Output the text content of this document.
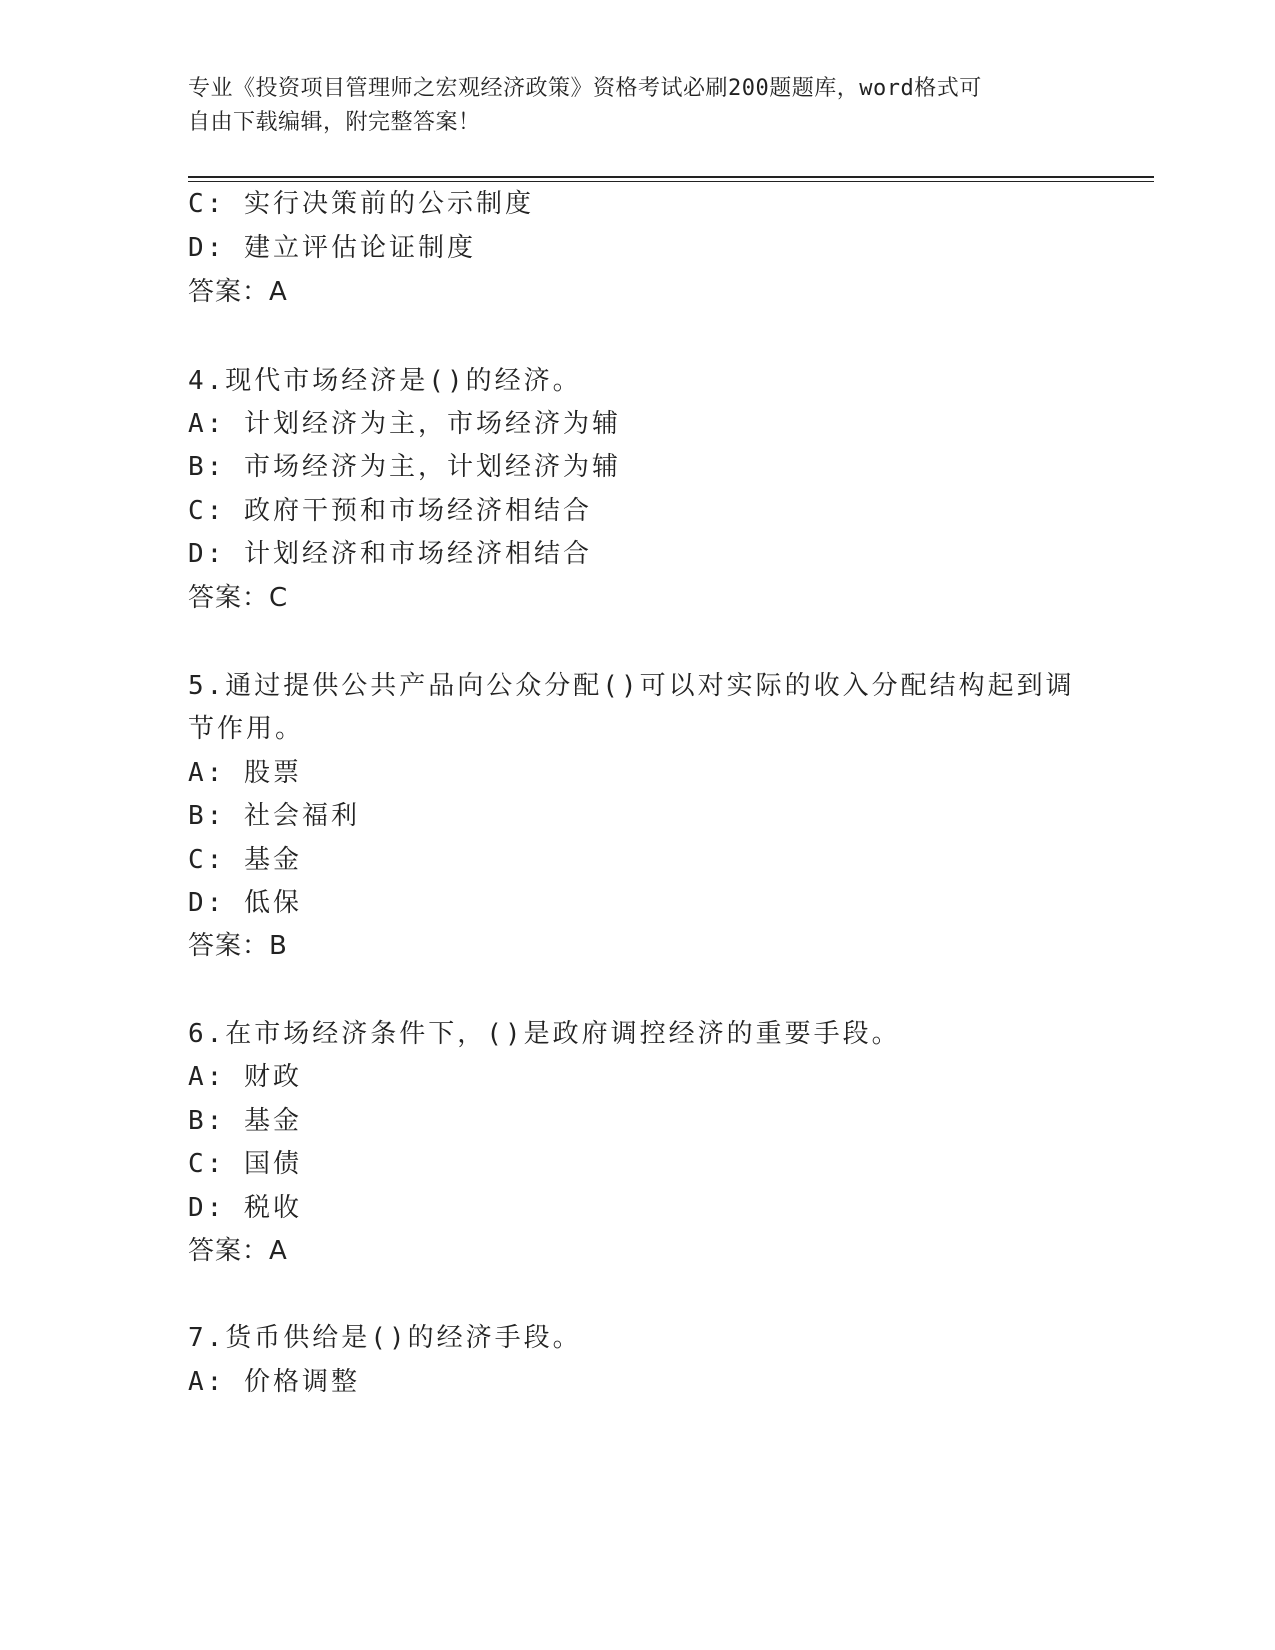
专业《投资项目管理师之宏观经济政策》资格考试必刷200题题库，word格式可
自由下载编辑，附完整答案！
C: 实行决策前的公示制度
D: 建立评估论证制度
答案：A
4.现代市场经济是()的经济。
A: 计划经济为主，市场经济为辅
B: 市场经济为主，计划经济为辅
C: 政府干预和市场经济相结合
D: 计划经济和市场经济相结合
答案：C
5.通过提供公共产品向公众分配()可以对实际的收入分配结构起到调
节作用。
A: 股票
B: 社会福利
C: 基金
D: 低保
答案：B
6.在市场经济条件下，()是政府调控经济的重要手段。
A: 财政
B: 基金
C: 国债
D: 税收
答案：A
7.货币供给是()的经济手段。
A: 价格调整
